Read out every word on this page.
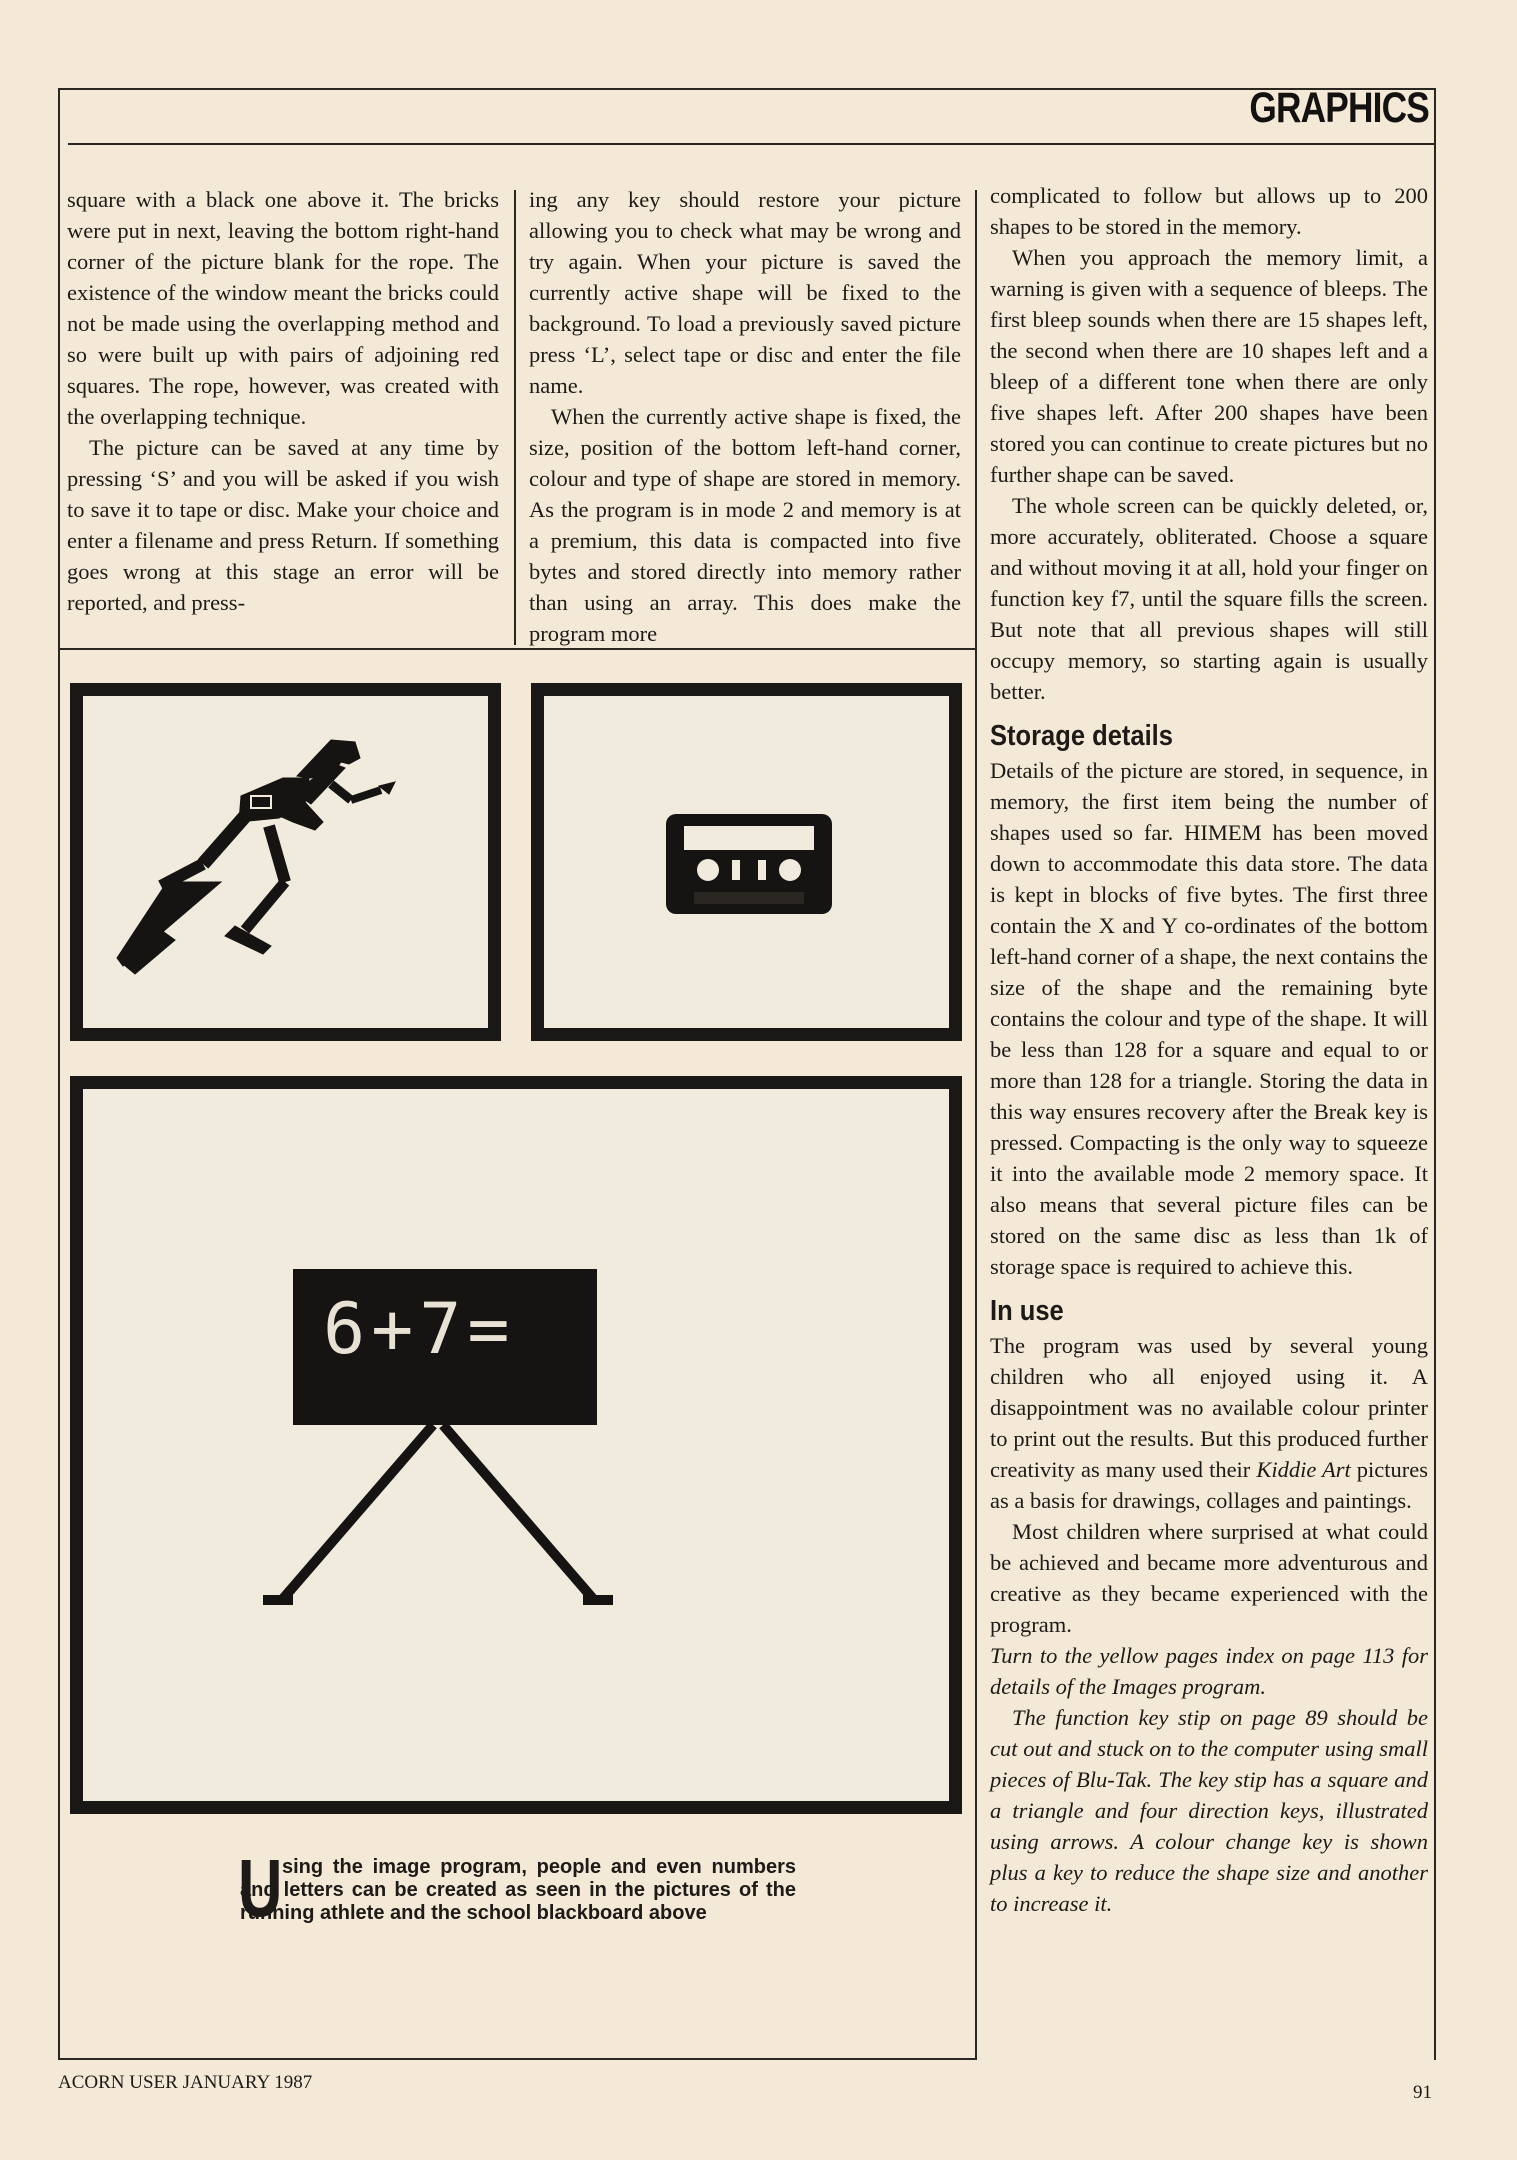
GRAPHICS

square with a black one above it. The bricks were put in next, leaving the bottom right-hand corner of the picture blank for the rope. The existence of the window meant the bricks could not be made using the overlapping method and so were built up with pairs of adjoining red squares. The rope, however, was created with the overlapping technique.

The picture can be saved at any time by pressing ‘S’ and you will be asked if you wish to save it to tape or disc. Make your choice and enter a filename and press Return. If something goes wrong at this stage an error will be reported, and press-

ing any key should restore your picture allowing you to check what may be wrong and try again. When your picture is saved the currently active shape will be fixed to the background. To load a previously saved picture press ‘L’, select tape or disc and enter the file name.

When the currently active shape is fixed, the size, position of the bottom left-hand corner, colour and type of shape are stored in memory. As the program is in mode 2 and memory is at a premium, this data is compacted into five bytes and stored directly into memory rather than using an array. This does make the program more

complicated to follow but allows up to 200 shapes to be stored in the memory.

When you approach the memory limit, a warning is given with a sequence of bleeps. The first bleep sounds when there are 15 shapes left, the second when there are 10 shapes left and a bleep of a different tone when there are only five shapes left. After 200 shapes have been stored you can continue to create pictures but no further shape can be saved.

The whole screen can be quickly deleted, or, more accurately, obliterated. Choose a square and without moving it at all, hold your finger on function key f7, until the square fills the screen. But note that all previous shapes will still occupy memory, so starting again is usually better.

Storage details

Details of the picture are stored, in sequence, in memory, the first item being the number of shapes used so far. HIMEM has been moved down to accommodate this data store. The data is kept in blocks of five bytes. The first three contain the X and Y co-ordinates of the bottom left-hand corner of a shape, the next contains the size of the shape and the remaining byte contains the colour and type of the shape. It will be less than 128 for a square and equal to or more than 128 for a triangle. Storing the data in this way ensures recovery after the Break key is pressed. Compacting is the only way to squeeze it into the available mode 2 memory space. It also means that several picture files can be stored on the same disc as less than 1k of storage space is required to achieve this.

In use

The program was used by several young children who all enjoyed using it. A disappointment was no available colour printer to print out the results. But this produced further creativity as many used their Kiddie Art pictures as a basis for drawings, collages and paintings.

Most children where surprised at what could be achieved and became more adventurous and creative as they became experienced with the program.

Turn to the yellow pages index on page 113 for details of the Images program.

The function key stip on page 89 should be cut out and stuck on to the computer using small pieces of Blu-Tak. The key stip has a square and a triangle and four direction keys, illustrated using arrows. A colour change key is shown plus a key to reduce the shape size and another to increase it.

6+7=
U sing the image program, people and even numbers and letters can be created as seen in the pictures of the running athlete and the school blackboard above
ACORN USER JANUARY 1987	91
